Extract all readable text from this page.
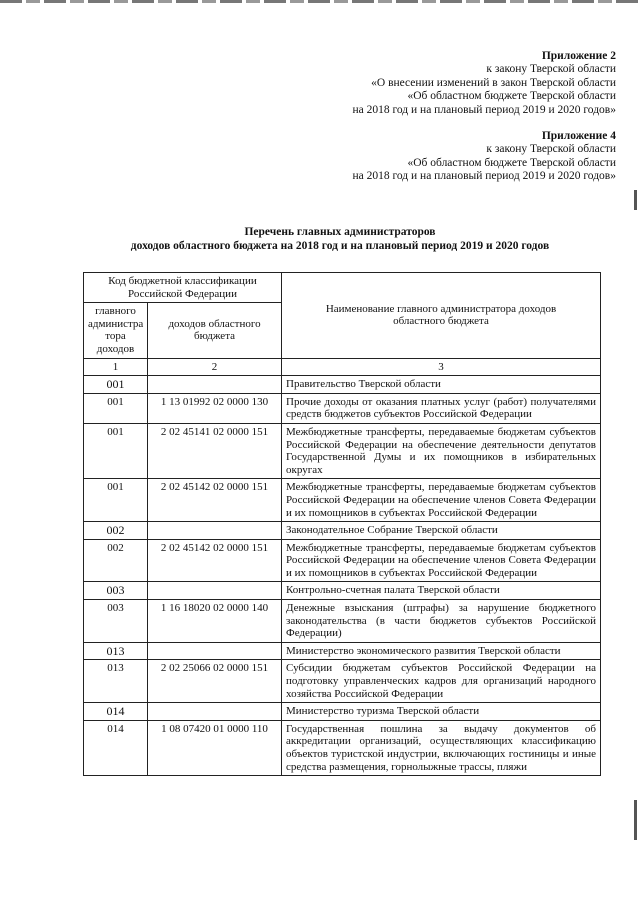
Приложение 2
к закону Тверской области
«О внесении изменений в закон Тверской области
«Об областном бюджете Тверской области
на 2018 год и на плановый период 2019 и 2020 годов»
Приложение 4
к закону Тверской области
«Об областном бюджете Тверской области
на 2018 год и на плановый период 2019 и 2020 годов»
Перечень главных администраторов
доходов областного бюджета на 2018 год и на плановый период 2019 и 2020 годов
Код бюджетной классификации Российской Федерации		Наименование главного администратора доходов областного бюджета
главного администра тора доходов	доходов областного бюджета	
1	2	3
001		Правительство Тверской области
001	1 13 01992 02 0000 130	Прочие доходы от оказания платных услуг (работ) получателями средств бюджетов субъектов Российской Федерации
001	2 02 45141 02 0000 151	Межбюджетные трансферты, передаваемые бюджетам субъектов Российской Федерации на обеспечение деятельности депутатов Государственной Думы и их помощников в избирательных округах
001	2 02 45142 02 0000 151	Межбюджетные трансферты, передаваемые бюджетам субъектов Российской Федерации на обеспечение членов Совета Федерации и их помощников в субъектах Российской Федерации
002		Законодательное Собрание Тверской области
002	2 02 45142 02 0000 151	Межбюджетные трансферты, передаваемые бюджетам субъектов Российской Федерации на обеспечение членов Совета Федерации и их помощников в субъектах Российской Федерации
003		Контрольно-счетная палата Тверской области
003	1 16 18020 02 0000 140	Денежные взыскания (штрафы) за нарушение бюджетного законодательства (в части бюджетов субъектов Российской Федерации)
013		Министерство экономического развития Тверской области
013	2 02 25066 02 0000 151	Субсидии бюджетам субъектов Российской Федерации на подготовку управленческих кадров для организаций народного хозяйства Российской Федерации
014		Министерство туризма Тверской области
014	1 08 07420 01 0000 110	Государственная пошлина за выдачу документов об аккредитации организаций, осуществляющих классификацию объектов туристской индустрии, включающих гостиницы и иные средства размещения, горнолыжные трассы, пляжи
